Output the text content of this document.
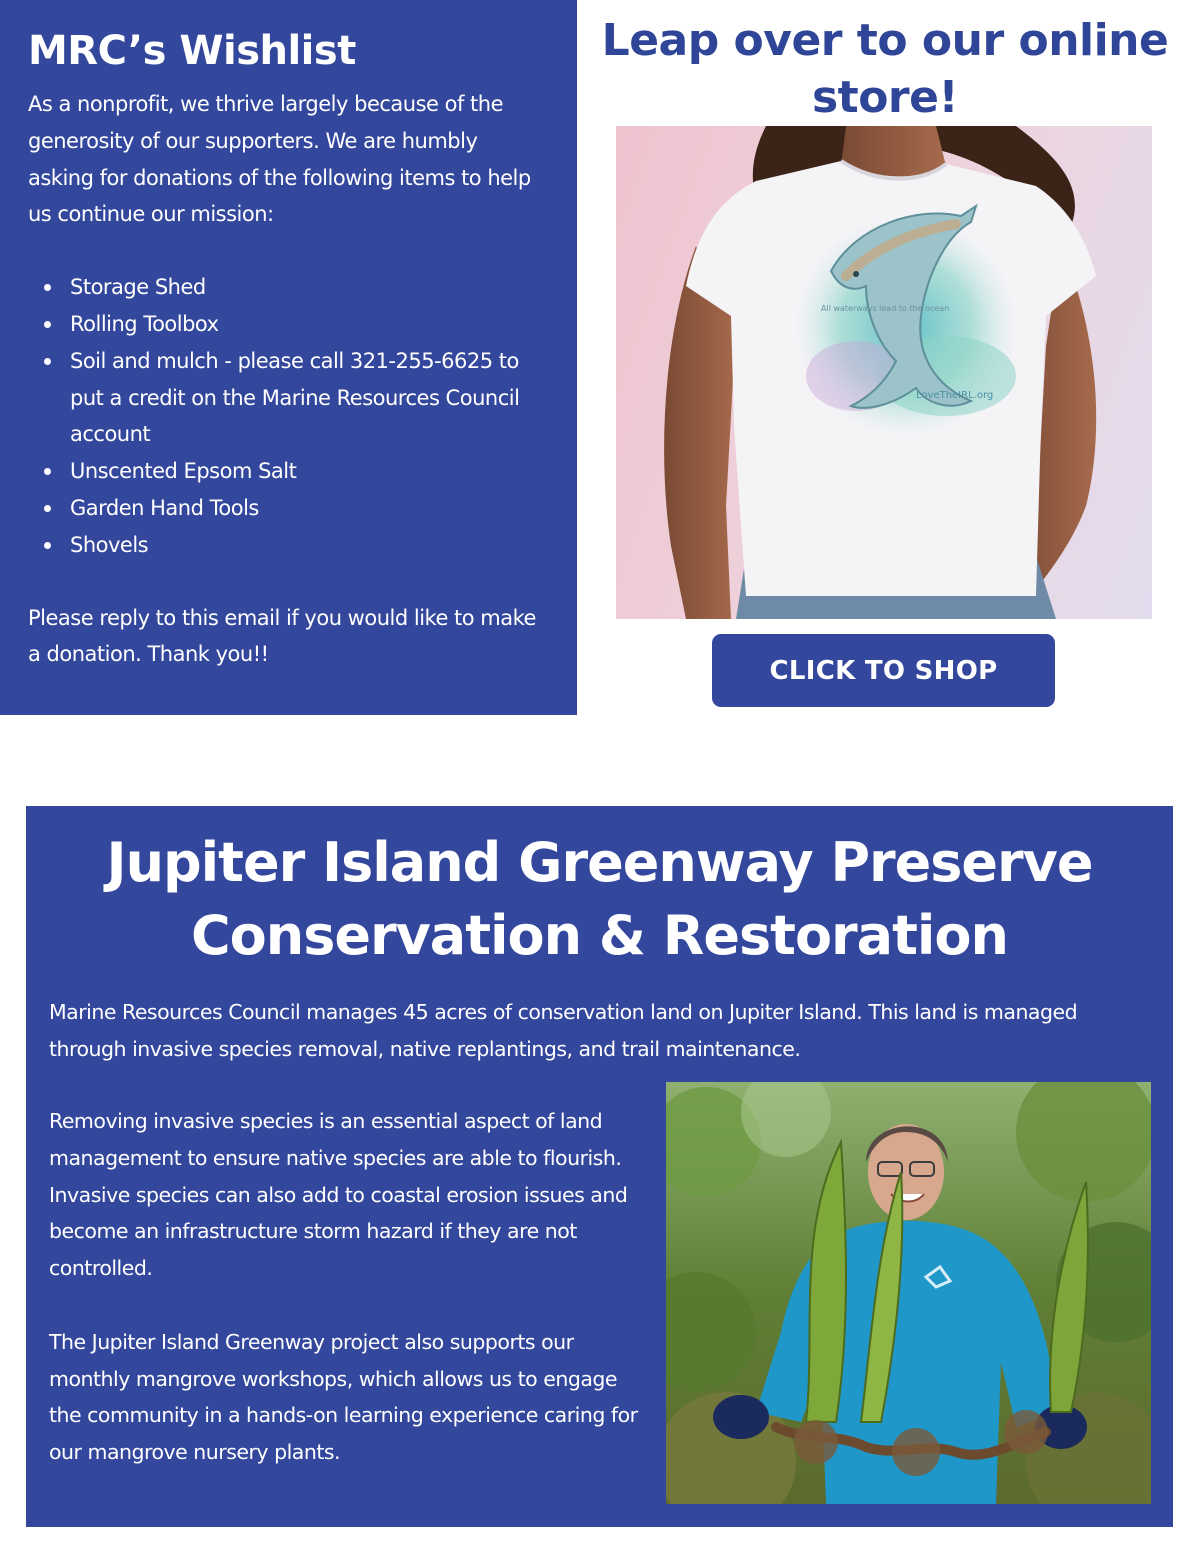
MRC’s Wishlist

As a nonprofit, we thrive largely because of the generosity of our supporters. We are humbly asking for donations of the following items to help us continue our mission:

Storage Shed
Rolling Toolbox
Soil and mulch - please call 321-255-6625 to put a credit on the Marine Resources Council account
Unscented Epsom Salt
Garden Hand Tools
Shovels

Please reply to this email if you would like to make a donation. Thank you!!

Leap over to our online store!
All waterways lead to the ocean
LoveTheIRL.org
CLICK TO SHOP
Jupiter Island Greenway Preserve
Conservation & Restoration

Marine Resources Council manages 45 acres of conservation land on Jupiter Island. This land is managed through invasive species removal, native replantings, and trail maintenance.

Removing invasive species is an essential aspect of land management to ensure native species are able to flourish. Invasive species can also add to coastal erosion issues and become an infrastructure storm hazard if they are not controlled.

The Jupiter Island Greenway project also supports our monthly mangrove workshops, which allows us to engage the community in a hands-on learning experience caring for our mangrove nursery plants.
